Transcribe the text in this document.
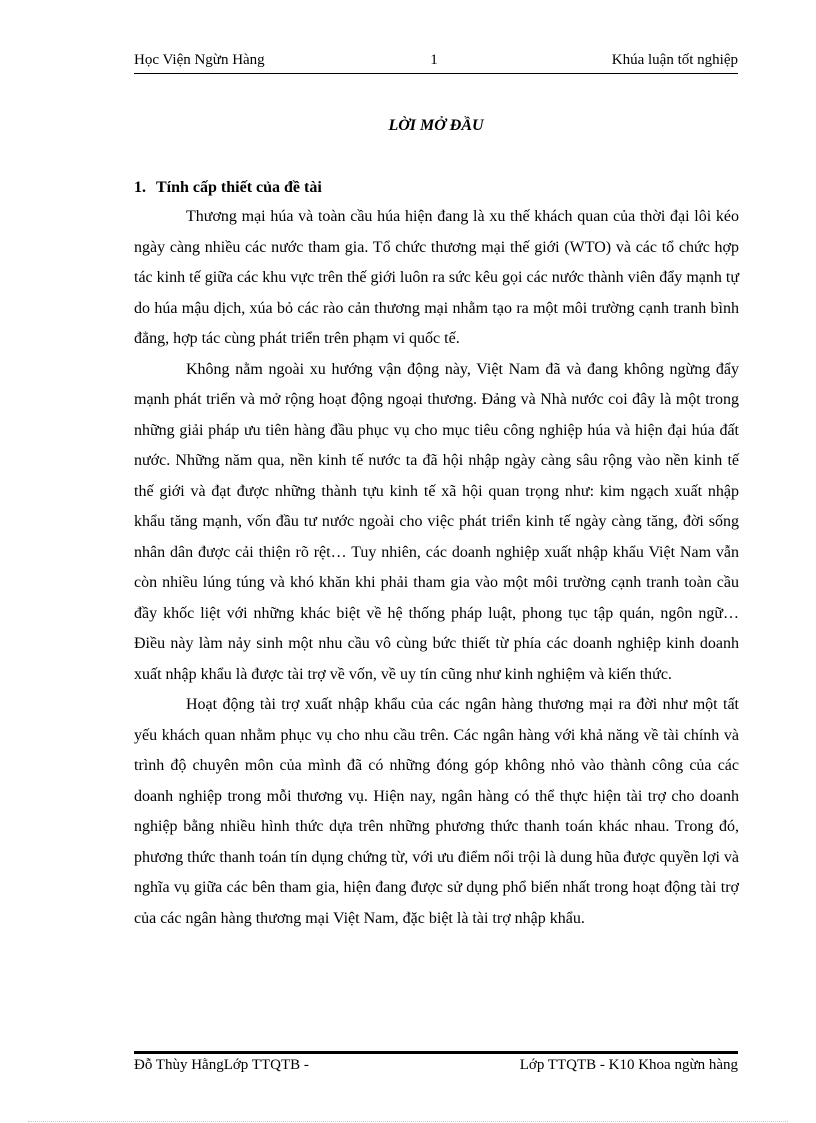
Học Viện Ngừn Hàng	1	Khúa luận tốt nghiệp
LỜI MỞ ĐẦU
1. Tính cấp thiết của đề tài

Thương mại húa và toàn cầu húa hiện đang là xu thế khách quan của thời đại lôi kéo ngày càng nhiều các nước tham gia. Tổ chức thương mại thế giới (WTO) và các tổ chức hợp tác kinh tế giữa các khu vực trên thế giới luôn ra sức kêu gọi các nước thành viên đẩy mạnh tự do húa mậu dịch, xúa bỏ các rào cản thương mại nhằm tạo ra một môi trường cạnh tranh bình đẳng, hợp tác cùng phát triển trên phạm vi quốc tế.

Không nằm ngoài xu hướng vận động này, Việt Nam đã và đang không ngừng đẩy mạnh phát triển và mở rộng hoạt động ngoại thương. Đảng và Nhà nước coi đây là một trong những giải pháp ưu tiên hàng đầu phục vụ cho mục tiêu công nghiệp húa và hiện đại húa đất nước. Những năm qua, nền kinh tế nước ta đã hội nhập ngày càng sâu rộng vào nền kinh tế thế giới và đạt được những thành tựu kinh tế xã hội quan trọng như: kim ngạch xuất nhập khẩu tăng mạnh, vốn đầu tư nước ngoài cho việc phát triển kinh tế ngày càng tăng, đời sống nhân dân được cải thiện rõ rệt… Tuy nhiên, các doanh nghiệp xuất nhập khẩu Việt Nam vẫn còn nhiều lúng túng và khó khăn khi phải tham gia vào một môi trường cạnh tranh toàn cầu đầy khốc liệt với những khác biệt về hệ thống pháp luật, phong tục tập quán, ngôn ngữ… Điều này làm nảy sinh một nhu cầu vô cùng bức thiết từ phía các doanh nghiệp kinh doanh xuất nhập khẩu là được tài trợ về vốn, về uy tín cũng như kinh nghiệm và kiến thức.

Hoạt động tài trợ xuất nhập khẩu của các ngân hàng thương mại ra đời như một tất yếu khách quan nhằm phục vụ cho nhu cầu trên. Các ngân hàng với khả năng về tài chính và trình độ chuyên môn của mình đã có những đóng góp không nhỏ vào thành công của các doanh nghiệp trong mỗi thương vụ. Hiện nay, ngân hàng có thể thực hiện tài trợ cho doanh nghiệp bằng nhiều hình thức dựa trên những phương thức thanh toán khác nhau. Trong đó, phương thức thanh toán tín dụng chứng từ, với ưu điểm nổi trội là dung hũa được quyền lợi và nghĩa vụ giữa các bên tham gia, hiện đang được sử dụng phổ biến nhất trong hoạt động tài trợ của các ngân hàng thương mại Việt Nam, đặc biệt là tài trợ nhập khẩu.

Đỗ Thùy HằngLớp TTQTB -	Lớp TTQTB - K10 Khoa ngừn hàng
